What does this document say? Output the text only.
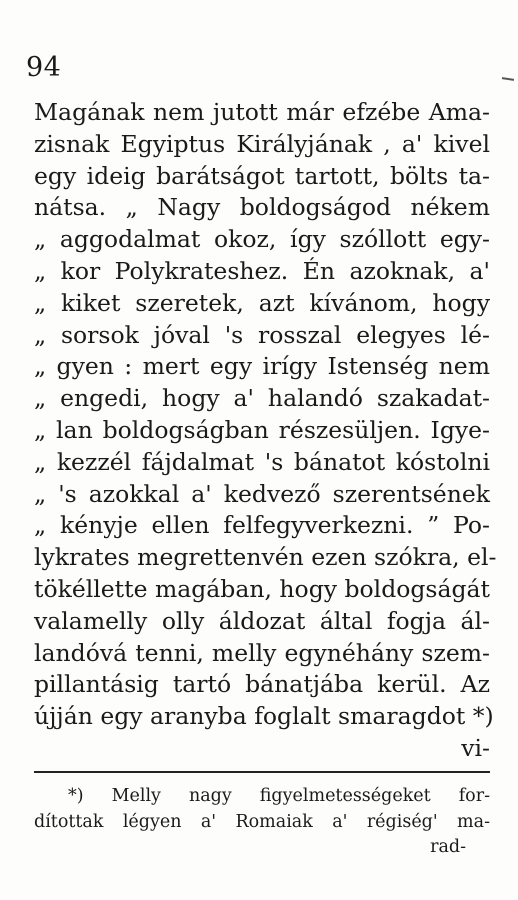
94
Magának nem jutott már efzébe Ama-
zisnak Egyiptus Királyjának , a' kivel
egy ideig barátságot tartott, bölts ta-
nátsa. „ Nagy boldogságod nékem
„ aggodalmat okoz, így szóllott egy-
„ kor Polykrateshez. Én azoknak, a'
„ kiket szeretek, azt kívánom, hogy
„ sorsok jóval 's rosszal elegyes lé-
„ gyen : mert egy irígy Istenség nem
„ engedi, hogy a' halandó szakadat-
„ lan boldogságban részesüljen. Igye-
„ kezzél fájdalmat 's bánatot kóstolni
„ 's azokkal a' kedvező szerentsének
„ kényje ellen felfegyverkezni. ” Po-
lykrates megrettenvén ezen szókra, el-
tökéllette magában, hogy boldogságát
valamelly olly áldozat által fogja ál-
landóvá tenni, melly egynéhány szem-
pillantásig tartó bánatjába kerül. Az
újján egy aranyba foglalt smaragdot *)
vi-
*) Melly nagy figyelmetességeket for-
dítottak légyen a' Romaiak a' régiség' ma-
rad-
